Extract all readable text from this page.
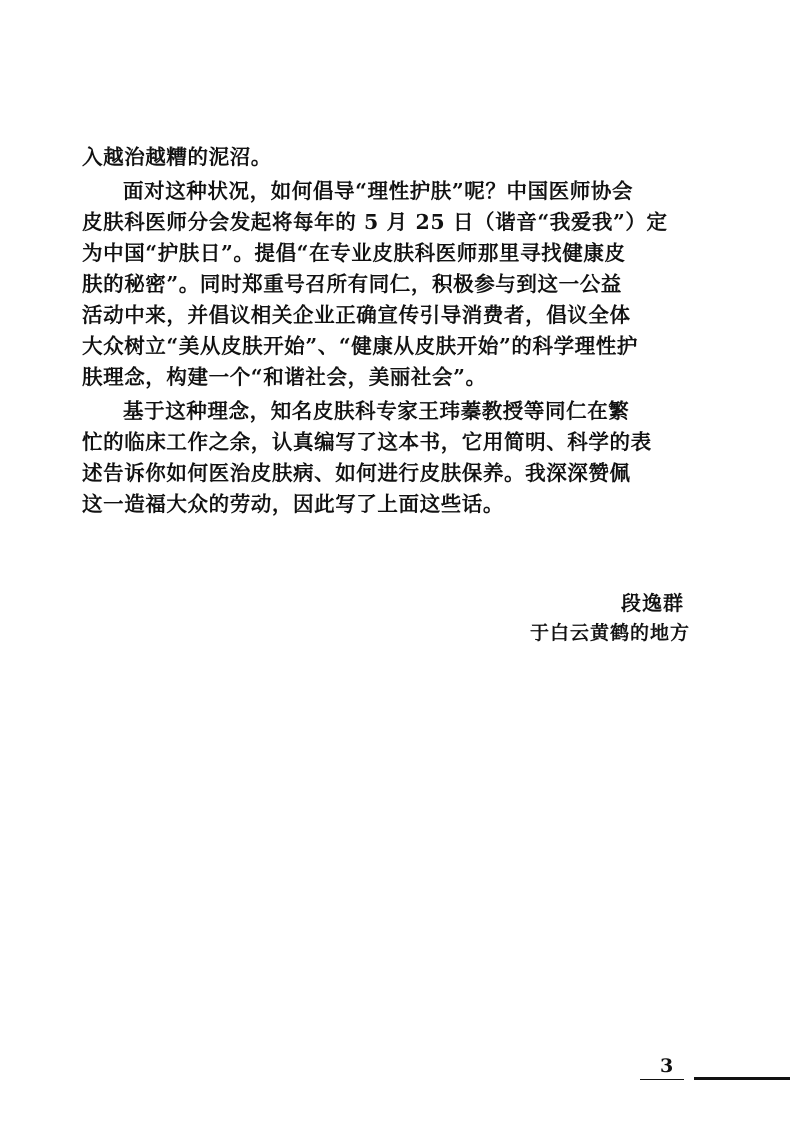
入越治越糟的泥沼。
面对这种状况，如何倡导“理性护肤”呢？中国医师协会
皮肤科医师分会发起将每年的 5 月 25 日（谐音“我爱我”）定
为中国“护肤日”。提倡“在专业皮肤科医师那里寻找健康皮
肤的秘密”。同时郑重号召所有同仁，积极参与到这一公益
活动中来，并倡议相关企业正确宣传引导消费者，倡议全体
大众树立“美从皮肤开始”、“健康从皮肤开始”的科学理性护
肤理念，构建一个“和谐社会，美丽社会”。
基于这种理念，知名皮肤科专家王玮蓁教授等同仁在繁
忙的临床工作之余，认真编写了这本书，它用简明、科学的表
述告诉你如何医治皮肤病、如何进行皮肤保养。我深深赞佩
这一造福大众的劳动，因此写了上面这些话。
段逸群
于白云黄鹤的地方
3
